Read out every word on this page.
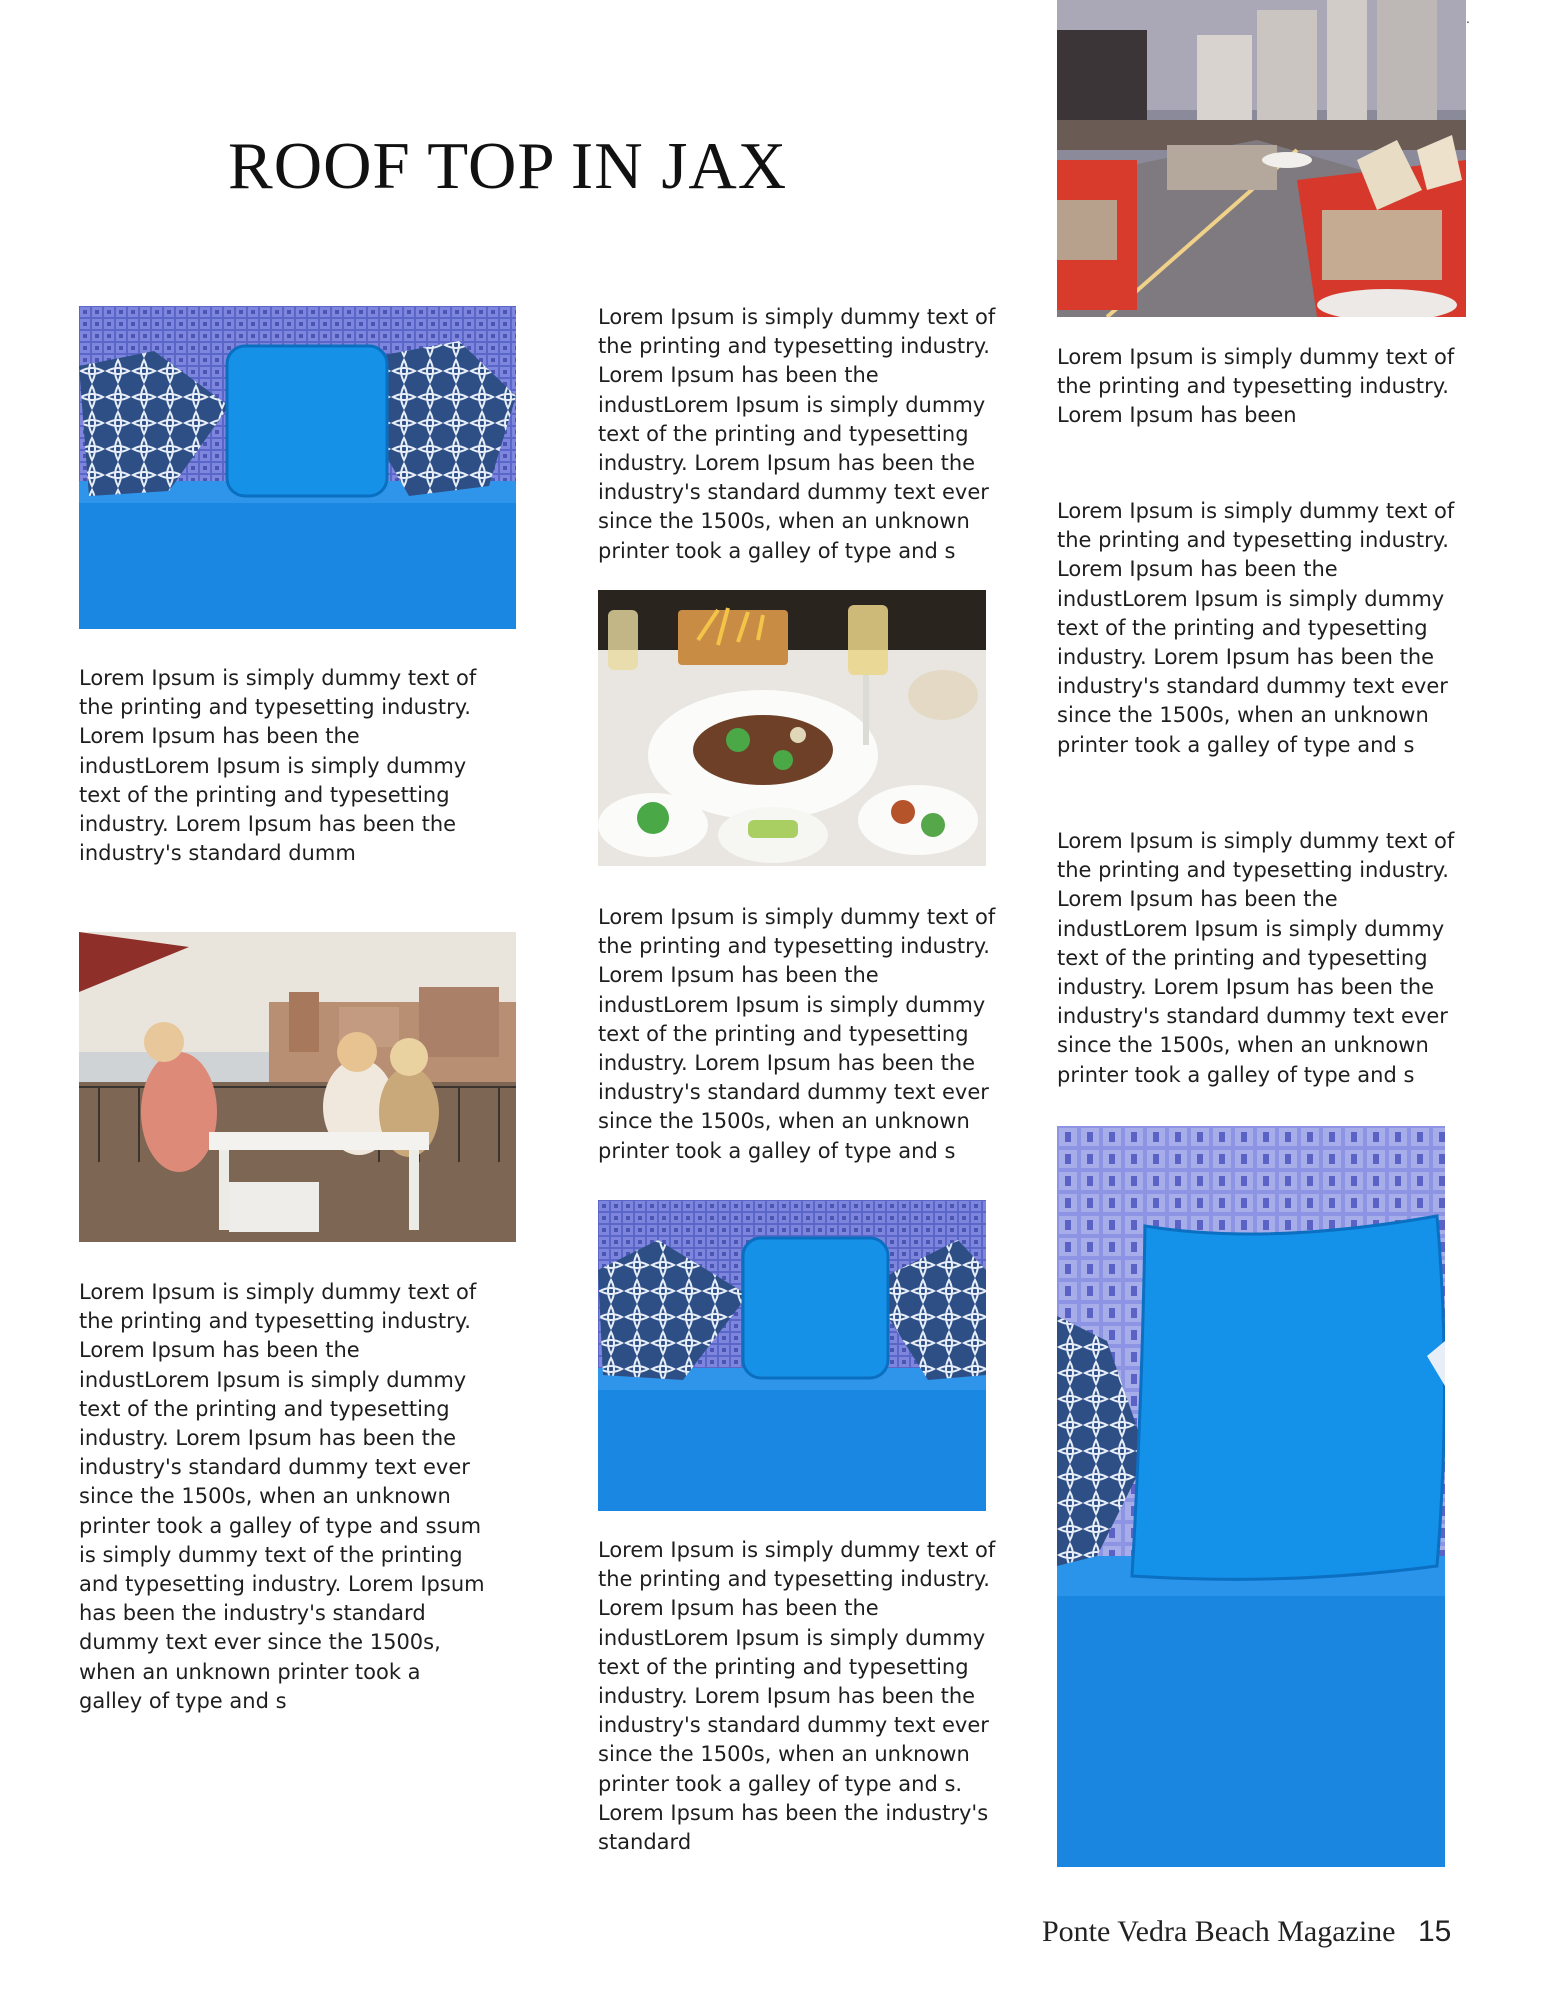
.
ROOF TOP IN JAX

Lorem Ipsum is simply dummy text of the printing and typesetting industry. Lorem Ipsum has been the industLorem Ipsum is simply dummy text of the printing and typesetting industry. Lorem Ipsum has been the industry's standard dumm

Lorem Ipsum is simply dummy text of the printing and typesetting industry. Lorem Ipsum has been the industLorem Ipsum is simply dummy text of the printing and typesetting industry. Lorem Ipsum has been the industry's standard dummy text ever since the 1500s, when an unknown printer took a galley of type and ssum is simply dummy text of the printing and typesetting industry. Lorem Ipsum has been the industry's standard dummy text ever since the 1500s, when an unknown printer took a galley of type and s

Lorem Ipsum is simply dummy text of the printing and typesetting industry. Lorem Ipsum has been the industLorem Ipsum is simply dummy text of the printing and typesetting industry. Lorem Ipsum has been the industry's standard dummy text ever since the 1500s, when an unknown printer took a galley of type and s

Lorem Ipsum is simply dummy text of the printing and typesetting industry. Lorem Ipsum has been the industLorem Ipsum is simply dummy text of the printing and typesetting industry. Lorem Ipsum has been the industry's standard dummy text ever since the 1500s, when an unknown printer took a galley of type and s

Lorem Ipsum is simply dummy text of the printing and typesetting industry. Lorem Ipsum has been the industLorem Ipsum is simply dummy text of the printing and typesetting industry. Lorem Ipsum has been the industry's standard dummy text ever since the 1500s, when an unknown printer took a galley of type and s. Lorem Ipsum has been the industry's standard

Lorem Ipsum is simply dummy text of the printing and typesetting industry. Lorem Ipsum has been

Lorem Ipsum is simply dummy text of the printing and typesetting industry. Lorem Ipsum has been the industLorem Ipsum is simply dummy text of the printing and typesetting industry. Lorem Ipsum has been the industry's standard dummy text ever since the 1500s, when an unknown printer took a galley of type and s

Lorem Ipsum is simply dummy text of the printing and typesetting industry. Lorem Ipsum has been the industLorem Ipsum is simply dummy text of the printing and typesetting industry. Lorem Ipsum has been the industry's standard dummy text ever since the 1500s, when an unknown printer took a galley of type and s

Ponte Vedra Beach Magazine 15
